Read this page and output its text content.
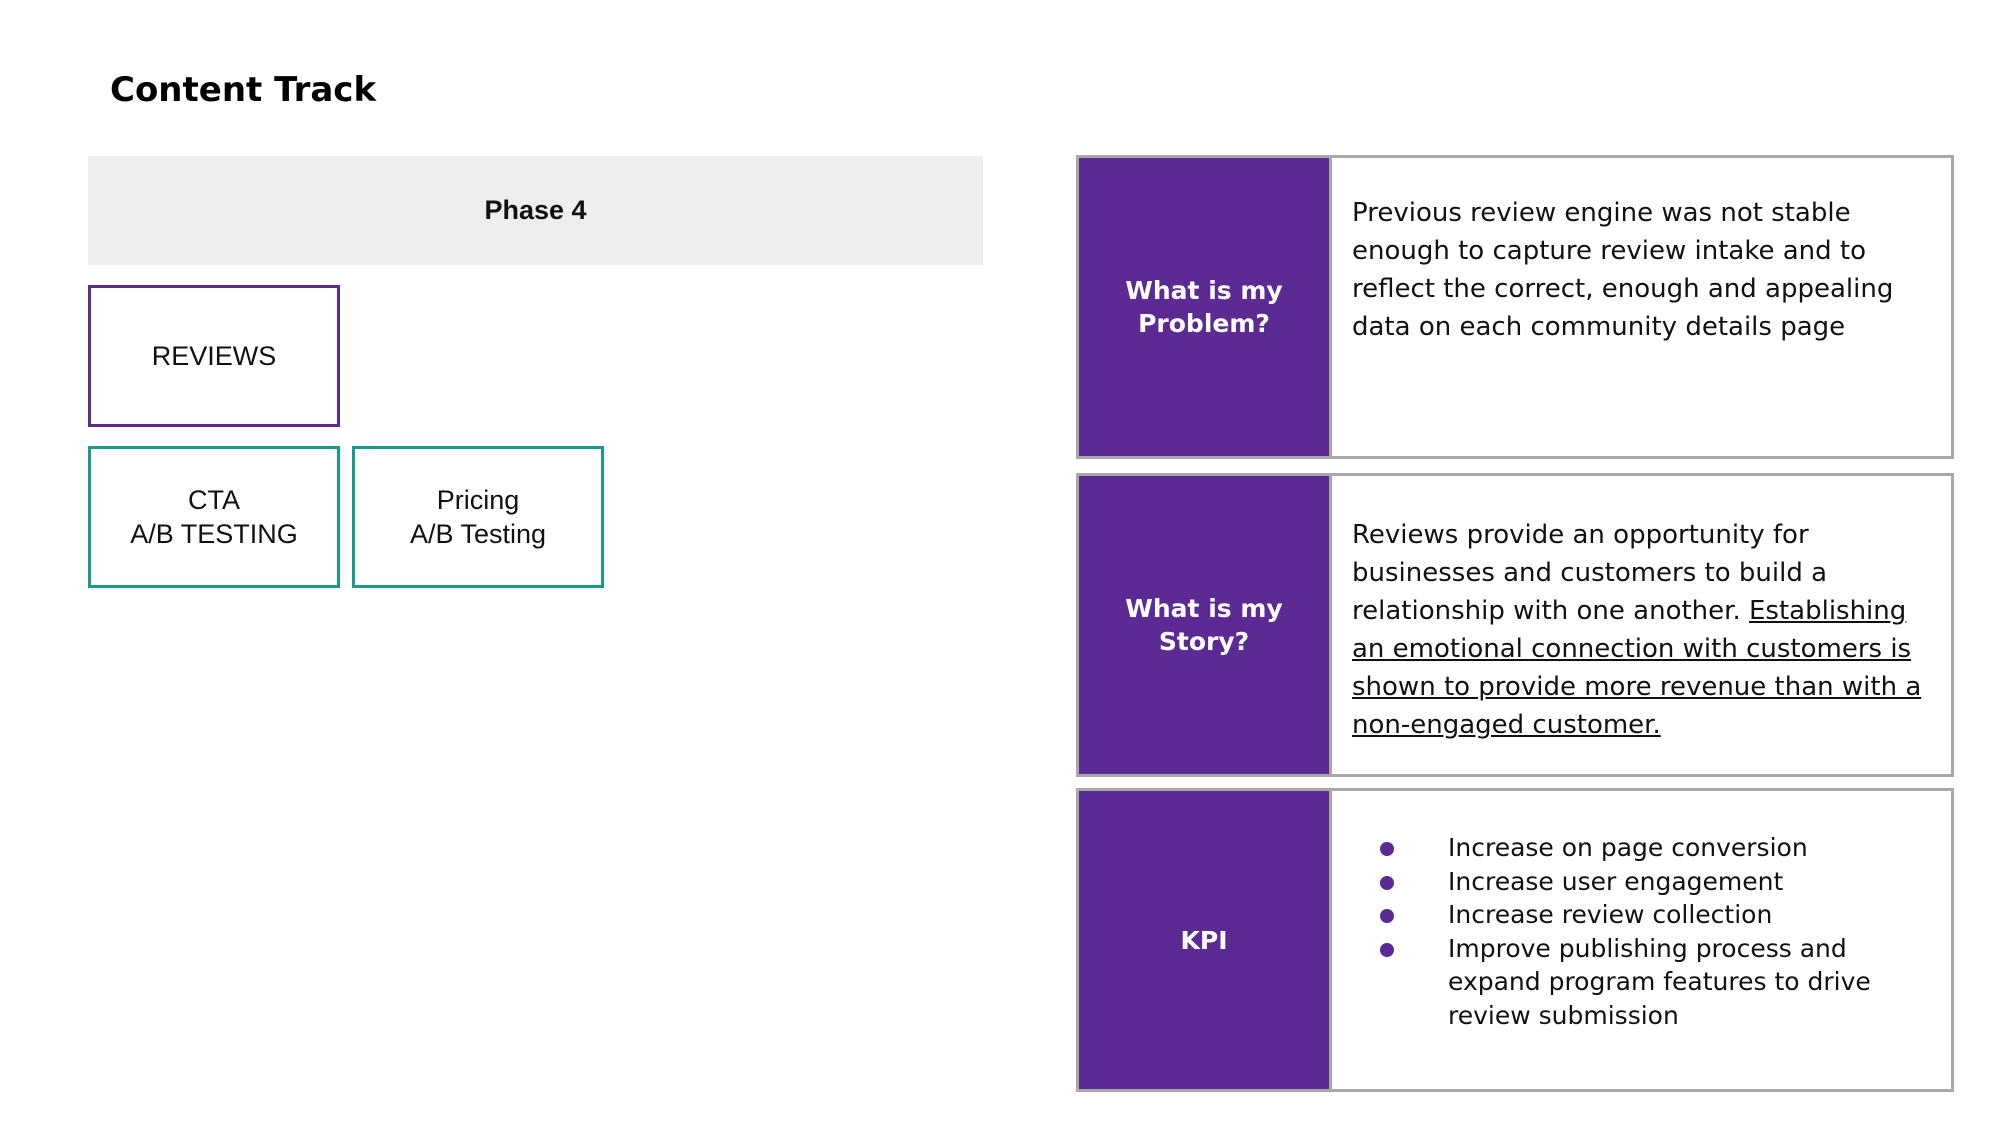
Content Track
Phase 4
REVIEWS
CTA
A/B TESTING
Pricing
A/B Testing
What is my
Problem?
Previous review engine was not stable enough to capture review intake and to reflect the correct, enough and appealing data on each community details page
What is my
Story?
Reviews provide an opportunity for businesses and customers to build a relationship with one another. Establishing an emotional connection with customers is shown to provide more revenue than with a non-engaged customer.
KPI
Increase on page conversion
Increase user engagement
Increase review collection
Improve publishing process and expand program features to drive review submission
